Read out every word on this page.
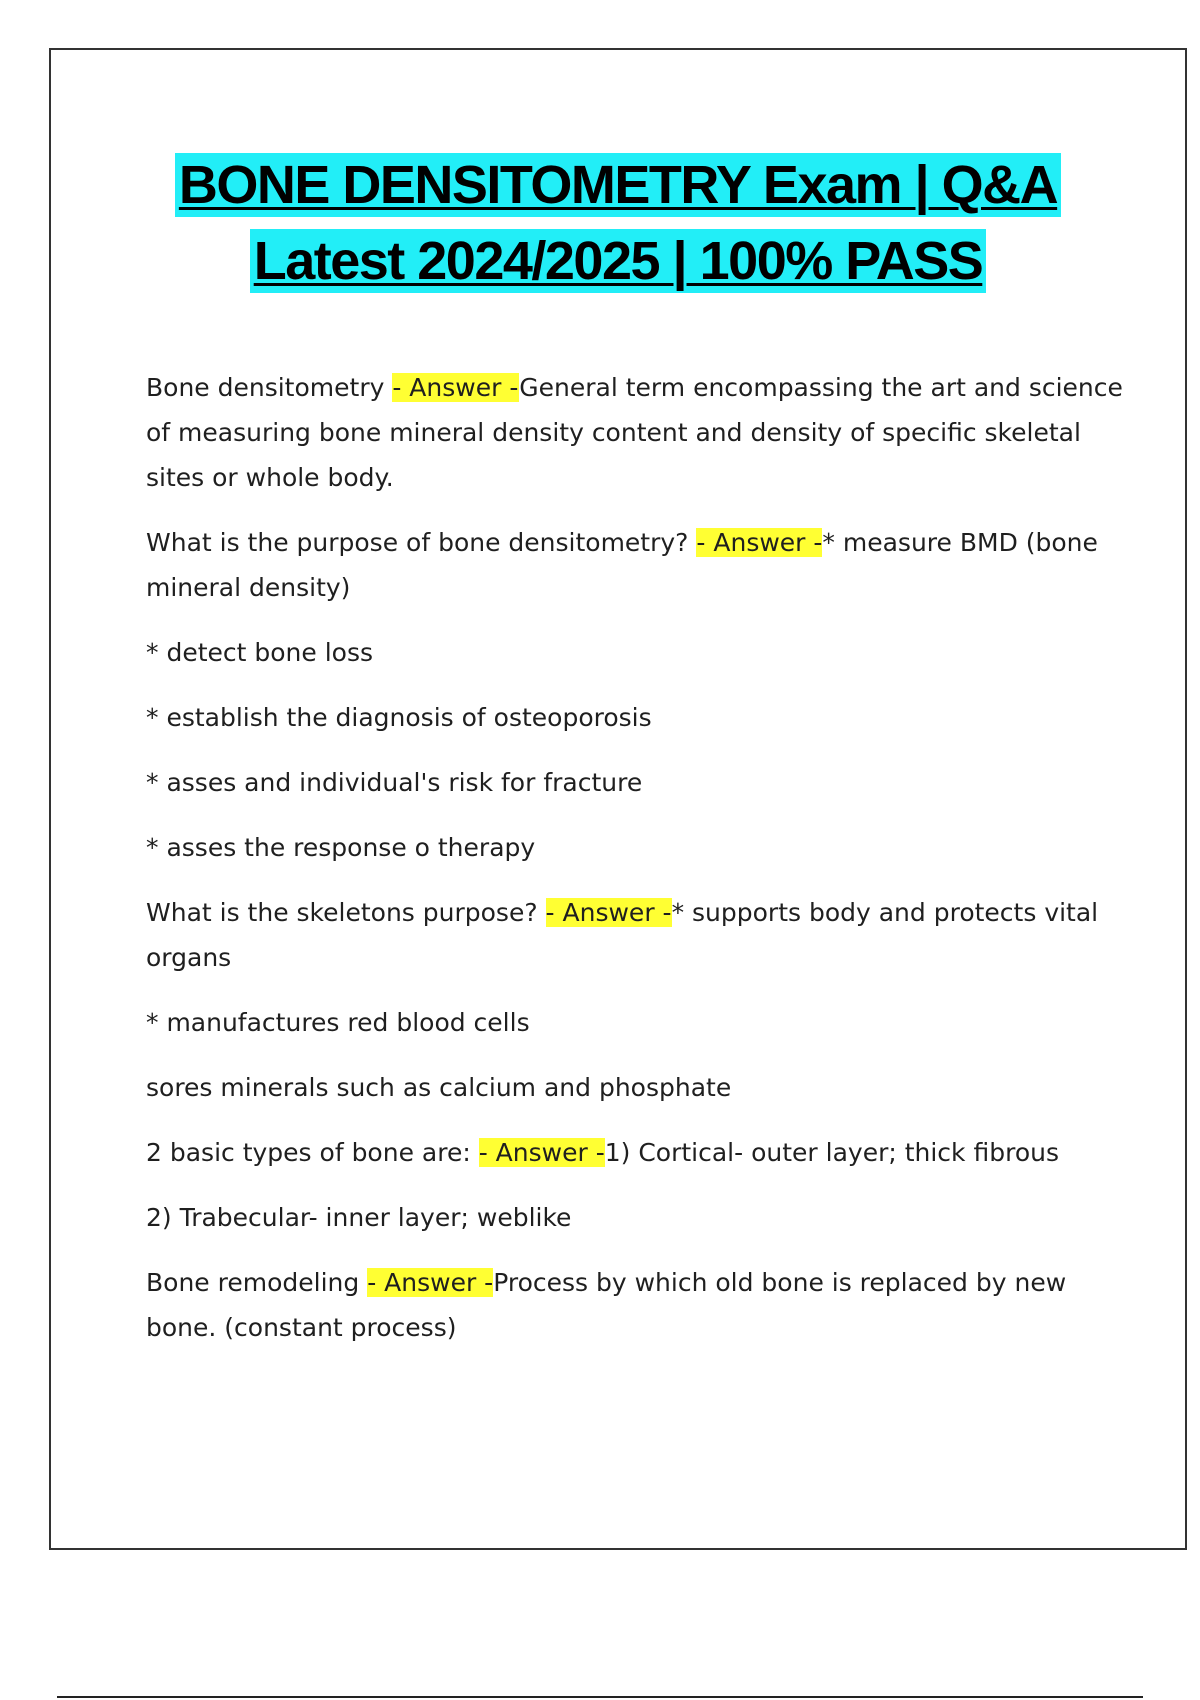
BONE DENSITOMETRY Exam | Q&A
Latest 2024/2025 | 100% PASS

Bone densitometry - Answer -General term encompassing the art and science of measuring bone mineral density content and density of specific skeletal sites or whole body.

What is the purpose of bone densitometry? - Answer -* measure BMD (bone mineral density)

* detect bone loss

* establish the diagnosis of osteoporosis

* asses and individual's risk for fracture

* asses the response o therapy

What is the skeletons purpose? - Answer -* supports body and protects vital organs

* manufactures red blood cells

sores minerals such as calcium and phosphate

2 basic types of bone are: - Answer -1) Cortical- outer layer; thick fibrous

2) Trabecular- inner layer; weblike

Bone remodeling - Answer -Process by which old bone is replaced by new bone. (constant process)
